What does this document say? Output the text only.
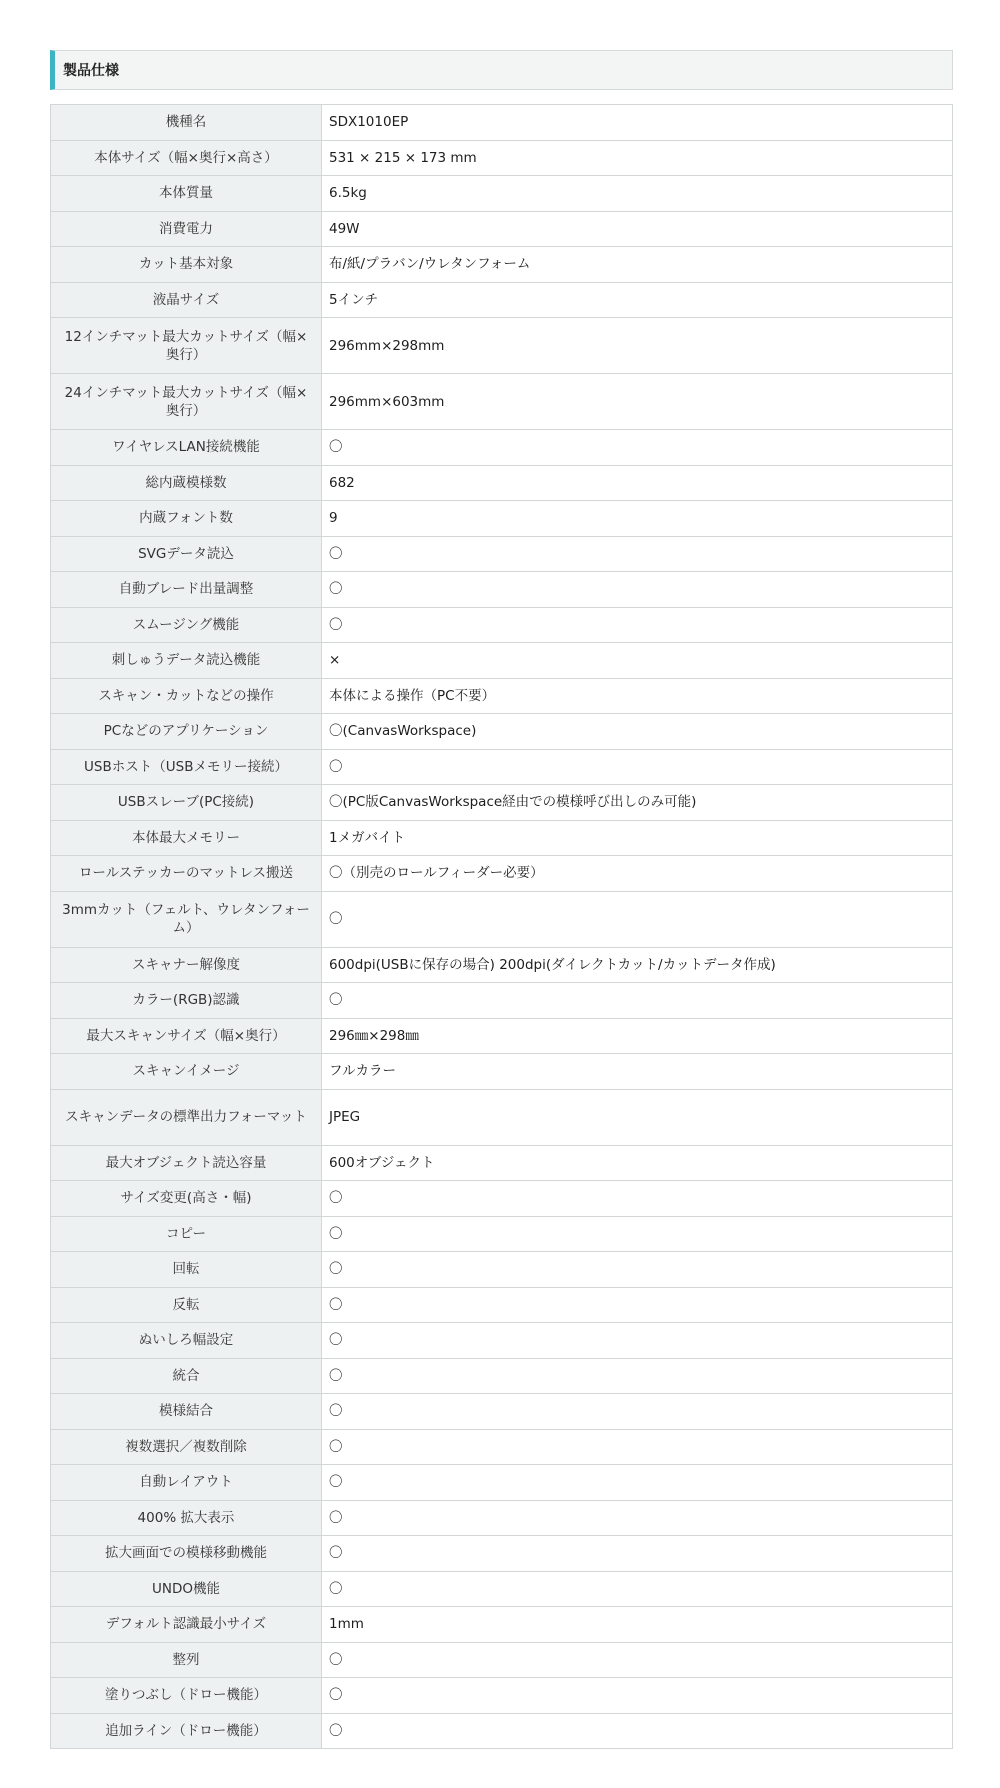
製品仕様
機種名	SDX1010EP
本体サイズ（幅×奥行×高さ）	531 × 215 × 173 mm
本体質量	6.5kg
消費電力	49W
カット基本対象	布/紙/プラバン/ウレタンフォーム
液晶サイズ	5インチ
12インチマット最大カットサイズ（幅×奥行）	296mm×298mm
24インチマット最大カットサイズ（幅×奥行）	296mm×603mm
ワイヤレスLAN接続機能	〇
総内蔵模様数	682
内蔵フォント数	9
SVGデータ読込	〇
自動ブレード出量調整	〇
スムージング機能	〇
刺しゅうデータ読込機能	×
スキャン・カットなどの操作	本体による操作（PC不要）
PCなどのアプリケーション	〇(CanvasWorkspace)
USBホスト（USBメモリー接続）	〇
USBスレーブ(PC接続)	〇(PC版CanvasWorkspace経由での模様呼び出しのみ可能)
本体最大メモリー	1メガバイト
ロールステッカーのマットレス搬送	〇（別売のロールフィーダー必要）
3mmカット（フェルト、ウレタンフォーム）	〇
スキャナー解像度	600dpi(USBに保存の場合) 200dpi(ダイレクトカット/カットデータ作成)
カラー(RGB)認識	〇
最大スキャンサイズ（幅×奥行）	296㎜×298㎜
スキャンイメージ	フルカラー
スキャンデータの標準出力フォーマット	JPEG
最大オブジェクト読込容量	600オブジェクト
サイズ変更(高さ・幅)	〇
コピー	〇
回転	〇
反転	〇
ぬいしろ幅設定	〇
統合	〇
模様結合	〇
複数選択／複数削除	〇
自動レイアウト	〇
400% 拡大表示	〇
拡大画面での模様移動機能	〇
UNDO機能	〇
デフォルト認識最小サイズ	1mm
整列	〇
塗りつぶし（ドロー機能）	〇
追加ライン（ドロー機能）	〇
